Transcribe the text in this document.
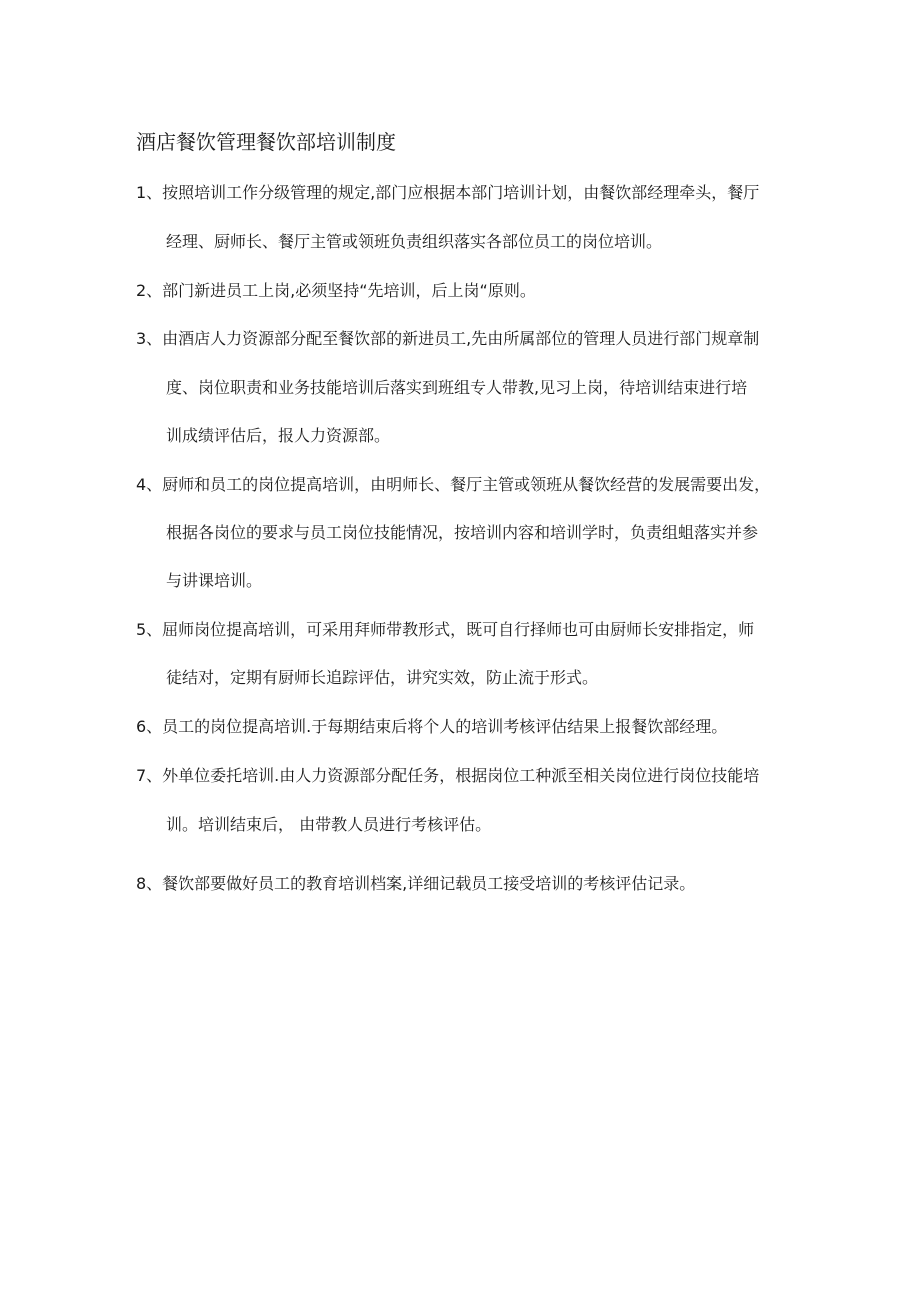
酒店餐饮管理餐饮部培训制度
1、按照培训工作分级管理的规定,部门应根据本部门培训计划，由餐饮部经理牵头，餐厅
经理、厨师长、餐厅主管或领班负责组织落实各部位员工的岗位培训。
2、部门新进员工上岗,必须坚持“先培训，后上岗“原则。
3、由酒店人力资源部分配至餐饮部的新进员工,先由所属部位的管理人员进行部门规章制
度、岗位职责和业务技能培训后落实到班组专人带教,见习上岗，待培训结束进行培
训成绩评估后，报人力资源部。
4、厨师和员工的岗位提高培训，由明师长、餐厅主管或领班从餐饮经营的发展需要出发，
根据各岗位的要求与员工岗位技能情况，按培训内容和培训学时，负责组蛆落实并参
与讲课培训。
5、屈师岗位提高培训，可采用拜师带教形式，既可自行择师也可由厨师长安排指定，师
徒结对，定期有厨师长追踪评估，讲究实效，防止流于形式。
6、员工的岗位提高培训.于每期结束后将个人的培训考核评估结果上报餐饮部经理。
7、外单位委托培训.由人力资源部分配任务，根据岗位工种派至相关岗位进行岗位技能培
训。培训结束后， 由带教人员进行考核评估。
8、餐饮部要做好员工的教育培训档案,详细记载员工接受培训的考核评估记录。
